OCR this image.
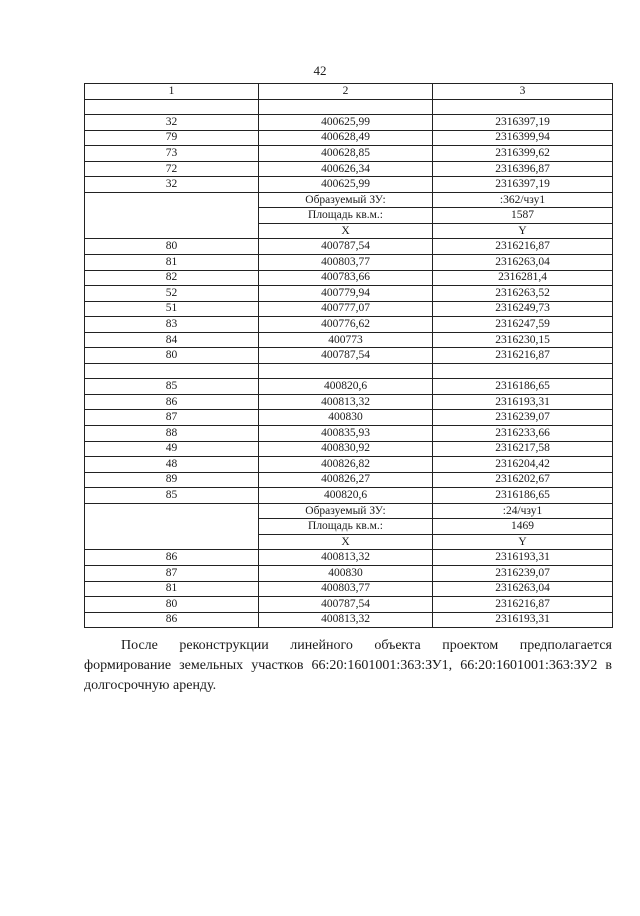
42
1	2	3

32	400625,99	2316397,19
79	400628,49	2316399,94
73	400628,85	2316399,62
72	400626,34	2316396,87
32	400625,99	2316397,19
	Образуемый ЗУ:	:362/чзу1
	Площадь кв.м.:	1587
	X	Y
80	400787,54	2316216,87
81	400803,77	2316263,04
82	400783,66	2316281,4
52	400779,94	2316263,52
51	400777,07	2316249,73
83	400776,62	2316247,59
84	400773	2316230,15
80	400787,54	2316216,87

85	400820,6	2316186,65
86	400813,32	2316193,31
87	400830	2316239,07
88	400835,93	2316233,66
49	400830,92	2316217,58
48	400826,82	2316204,42
89	400826,27	2316202,67
85	400820,6	2316186,65
	Образуемый ЗУ:	:24/чзу1
	Площадь кв.м.:	1469
	X	Y
86	400813,32	2316193,31
87	400830	2316239,07
81	400803,77	2316263,04
80	400787,54	2316216,87
86	400813,32	2316193,31
После реконструкции линейного объекта проектом предполагается формирование земельных участков 66:20:1601001:363:ЗУ1, 66:20:1601001:363:ЗУ2 в долгосрочную аренду.
